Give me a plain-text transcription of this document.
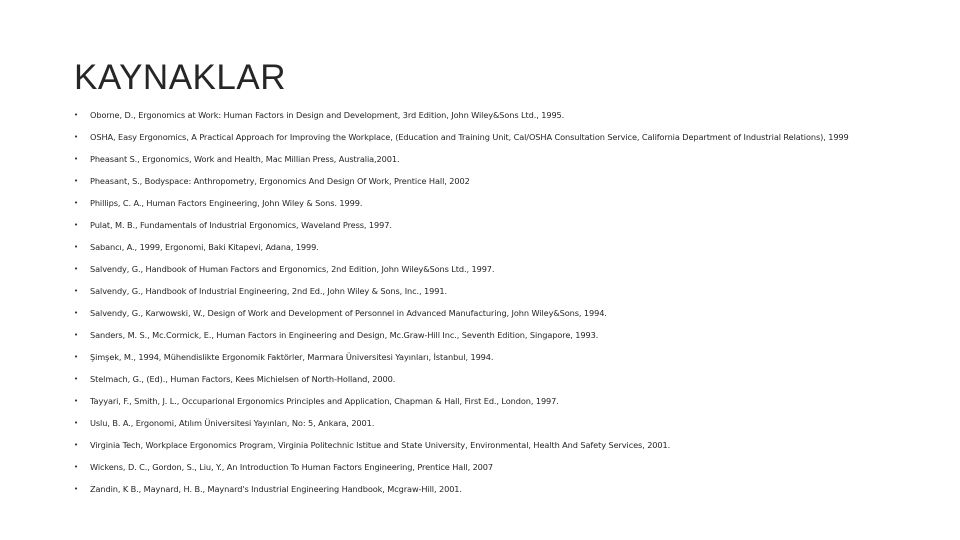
KAYNAKLAR
• Oborne, D., Ergonomics at Work: Human Factors in Design and Development, 3rd Edition, John Wiley&Sons Ltd., 1995.
• OSHA, Easy Ergonomics, A Practical Approach for Improving the Workplace, (Education and Training Unit, Cal/OSHA Consultation Service, California Department of Industrial Relations), 1999
• Pheasant S., Ergonomics, Work and Health, Mac Millian Press, Australia,2001.
• Pheasant, S., Bodyspace: Anthropometry, Ergonomics And Design Of Work, Prentice Hall, 2002
• Phillips, C. A., Human Factors Engineering, John Wiley & Sons. 1999.
• Pulat, M. B., Fundamentals of Industrial Ergonomics, Waveland Press, 1997.
• Sabancı, A., 1999, Ergonomi, Baki Kitapevi, Adana, 1999.
• Salvendy, G., Handbook of Human Factors and Ergonomics, 2nd Edition, John Wiley&Sons Ltd., 1997.
• Salvendy, G., Handbook of Industrial Engineering, 2nd Ed., John Wiley & Sons, Inc., 1991.
• Salvendy, G., Karwowski, W., Design of Work and Development of Personnel in Advanced Manufacturing, John Wiley&Sons, 1994.
• Sanders, M. S., Mc.Cormick, E., Human Factors in Engineering and Design, Mc.Graw-Hill Inc., Seventh Edition, Singapore, 1993.
• Şimşek, M., 1994, Mühendislikte Ergonomik Faktörler, Marmara Üniversitesi Yayınları, İstanbul, 1994.
• Stelmach, G., (Ed)., Human Factors, Kees Michielsen of North-Holland, 2000.
• Tayyari, F., Smith, J. L., Occuparional Ergonomics Principles and Application, Chapman & Hall, First Ed., London, 1997.
• Uslu, B. A., Ergonomi, Atılım Üniversitesi Yayınları, No: 5, Ankara, 2001.
• Virginia Tech, Workplace Ergonomics Program, Virginia Politechnic Istitue and State University, Environmental, Health And Safety Services, 2001.
• Wickens, D. C., Gordon, S., Liu, Y., An Introduction To Human Factors Engineering, Prentice Hall, 2007
• Zandin, K B., Maynard, H. B., Maynard's Industrial Engineering Handbook, Mcgraw-Hill, 2001.
